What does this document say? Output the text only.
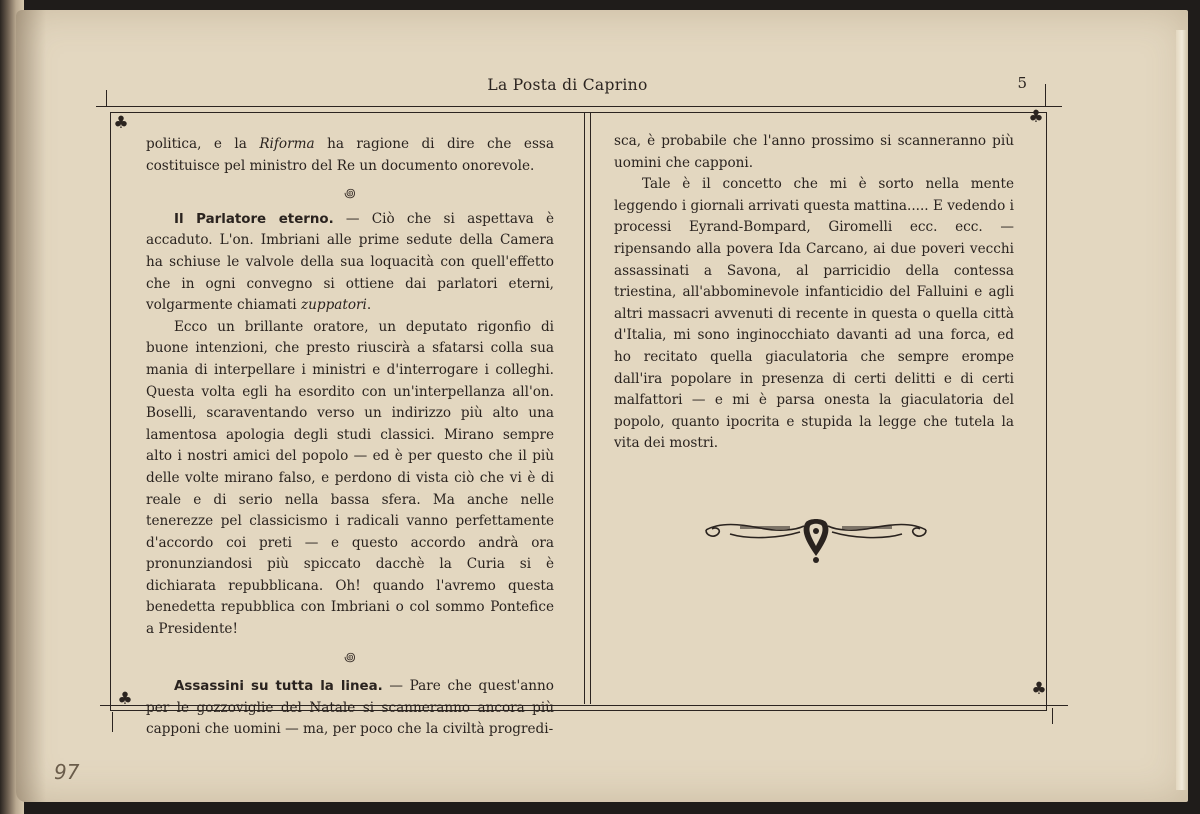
La Posta di Caprino	5
♣	♣
♣	♣

politica, e la Riforma ha ragione di dire che essa costituisce pel ministro del Re un documento onorevole.

꩜

Il Parlatore eterno. — Ciò che si aspettava è accaduto. L'on. Imbriani alle prime sedute della Camera ha schiuse le valvole della sua loquacità con quell'effetto che in ogni convegno si ottiene dai parlatori eterni, volgarmente chiamati zuppatori.

Ecco un brillante oratore, un deputato rigonfio di buone intenzioni, che presto riuscirà a sfatarsi colla sua mania di interpellare i ministri e d'interrogare i colleghi. Questa volta egli ha esordito con un'interpellanza all'on. Boselli, scaraventando verso un indirizzo più alto una lamentosa apologia degli studi classici. Mirano sempre alto i nostri amici del popolo — ed è per questo che il più delle volte mirano falso, e perdono di vista ciò che vi è di reale e di serio nella bassa sfera. Ma anche nelle tenerezze pel classicismo i radicali vanno perfettamente d'accordo coi preti — e questo accordo andrà ora pronunziandosi più spiccato dacchè la Curia si è dichiarata repubblicana. Oh! quando l'avremo questa benedetta repubblica con Imbriani o col sommo Pontefice a Presidente!

꩜

Assassini su tutta la linea. — Pare che quest'anno per le gozzoviglie del Natale si scanneranno ancora più capponi che uomini — ma, per poco che la civiltà progredi-

sca, è probabile che l'anno prossimo si scanneranno più uomini che capponi.

Tale è il concetto che mi è sorto nella mente leggendo i giornali arrivati questa mattina..... E vedendo i processi Eyrand-Bompard, Giromelli ecc. ecc. — ripensando alla povera Ida Carcano, ai due poveri vecchi assassinati a Savona, al parricidio della contessa triestina, all'abbominevole infanticidio del Falluini e agli altri massacri avvenuti di recente in questa o quella città d'Italia, mi sono inginocchiato davanti ad una forca, ed ho recitato quella giaculatoria che sempre erompe dall'ira popolare in presenza di certi delitti e di certi malfattori — e mi è parsa onesta la giaculatoria del popolo, quanto ipocrita e stupida la legge che tutela la vita dei mostri.

97
